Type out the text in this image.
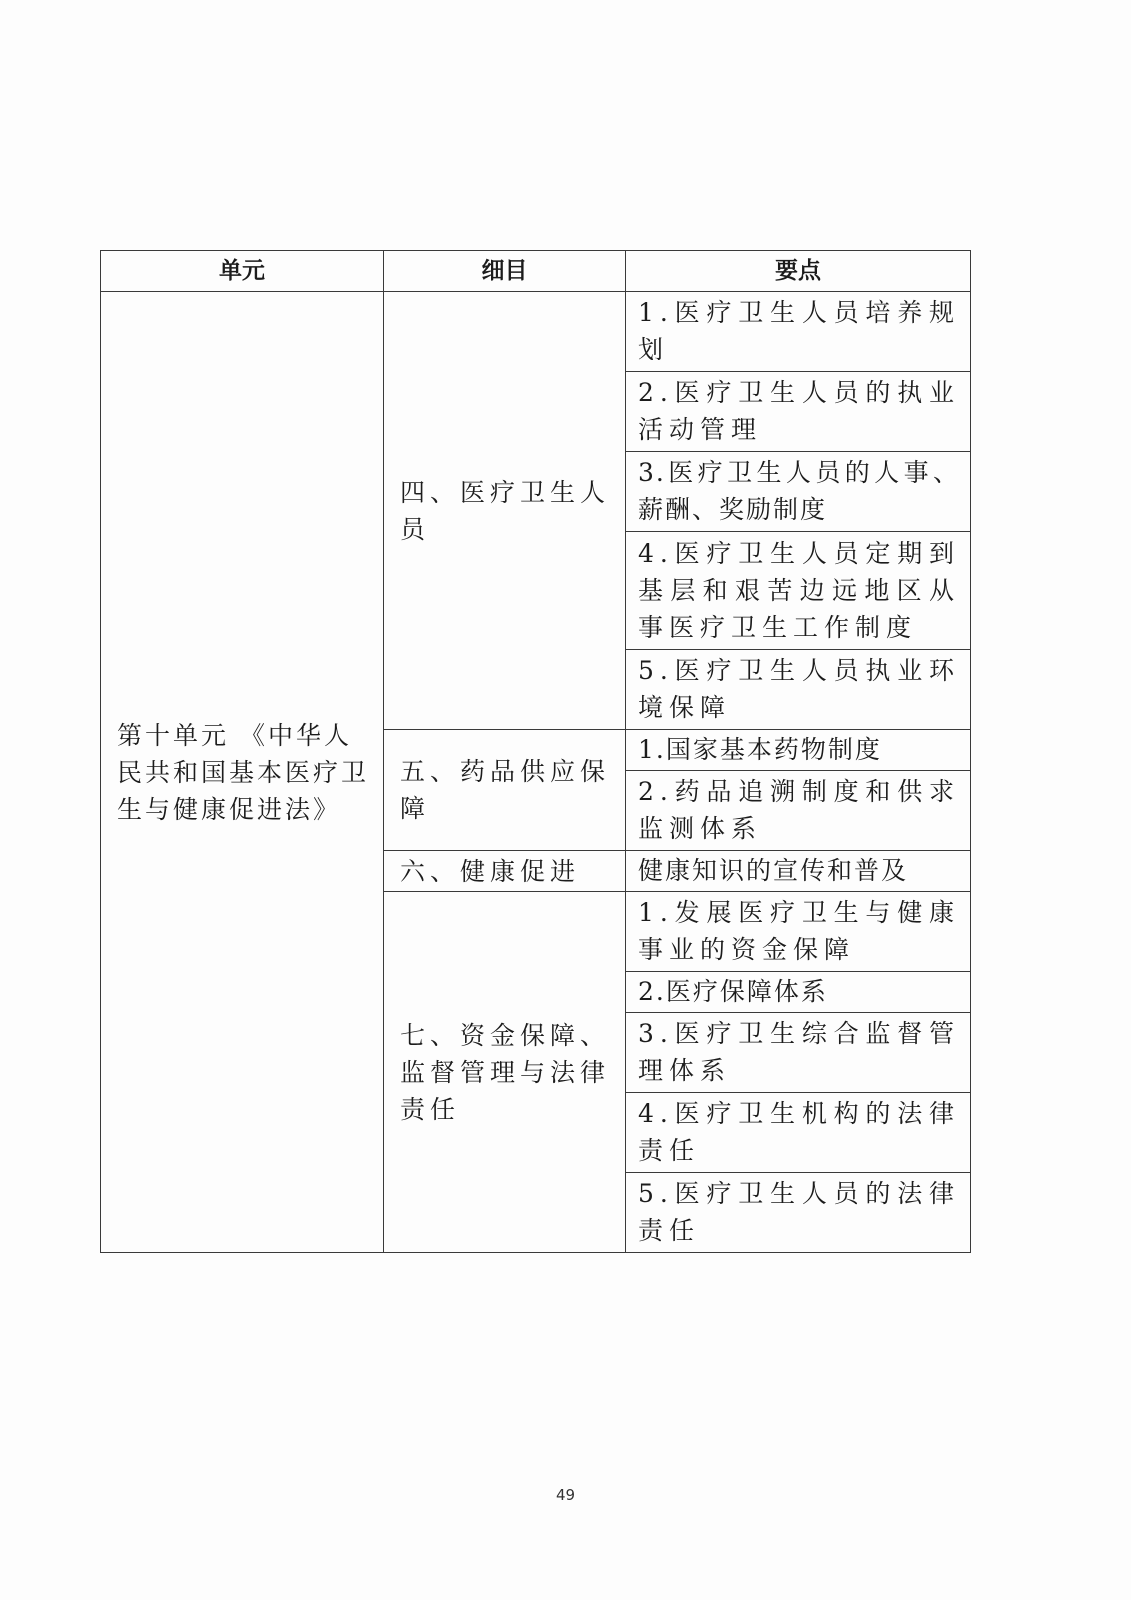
单元	细目	要点
第十单元 《中华人民共和国基本医疗卫生与健康促进法》	四、医疗卫生人员	1.医疗卫生人员培养规划
		2.医疗卫生人员的执业活动管理
		3.医疗卫生人员的人事、薪酬、奖励制度
		4.医疗卫生人员定期到基层和艰苦边远地区从事医疗卫生工作制度
		5.医疗卫生人员执业环境保障
	五、药品供应保障	1.国家基本药物制度
		2.药品追溯制度和供求监测体系
	六、健康促进	健康知识的宣传和普及
	七、资金保障、监督管理与法律责任	1.发展医疗卫生与健康事业的资金保障
		2.医疗保障体系
		3.医疗卫生综合监督管理体系
		4.医疗卫生机构的法律责任
		5.医疗卫生人员的法律责任
49
